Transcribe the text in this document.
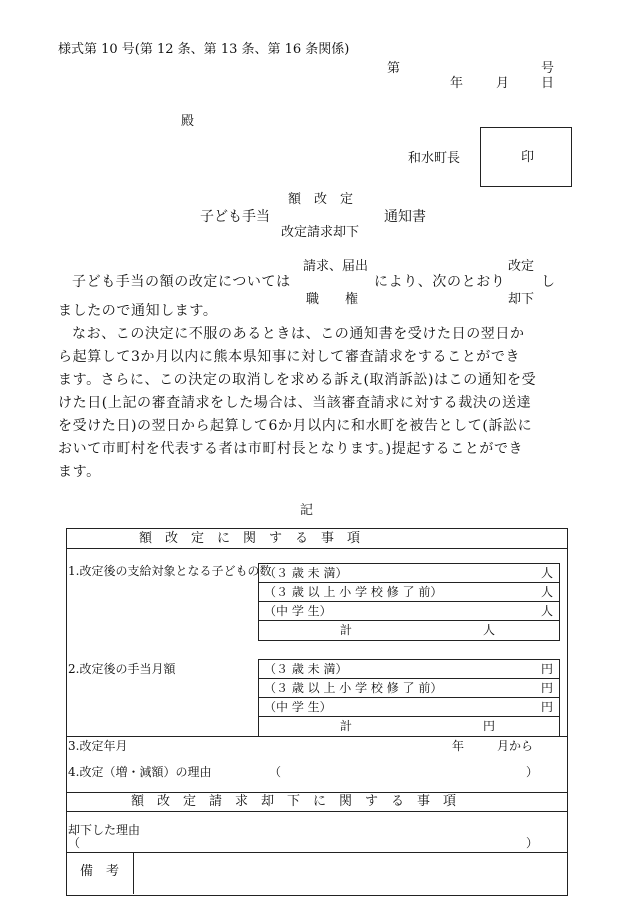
様式第 10 号(第 12 条、第 13 条、第 16 条関係)
第	号
年	月 日
殿
和水町長	印
額　改　定
子ども手当	通知書
改定請求却下
請求、届出	改定
子ども手当の額の改定については	により、次のとおり	し
職　　権	却下
ましたので通知します。
なお、この決定に不服のあるときは、この通知書を受けた日の翌日か
ら起算して3か月以内に熊本県知事に対して審査請求をすることができ
ます。さらに、この決定の取消しを求める訴え(取消訴訟)はこの通知を受
けた日(上記の審査請求をした場合は、当該審査請求に対する裁決の送達
を受けた日)の翌日から起算して6か月以内に和水町を被告として(訴訟に
おいて市町村を代表する者は市町村長となります。)提起することができ
ます。
記
額　改　定　に　関　す　る　事　項
1.改定後の支給対象となる子どもの数
（３ 歳 未 満）	人
（３ 歳 以 上 小 学 校 修 了 前）	人
（中 学 生）	人
計	人
2.改定後の手当月額	（３ 歳 未 満）	円
（３ 歳 以 上 小 学 校 修 了 前）	円
（中 学 生）	円
計	円
3.改定年月	年	月から
4.改定（増・減額）の理由	（	）
額　改　定　請　求　却　下　に　関　す　る　事　項
却下した理由
（	）
備　考
